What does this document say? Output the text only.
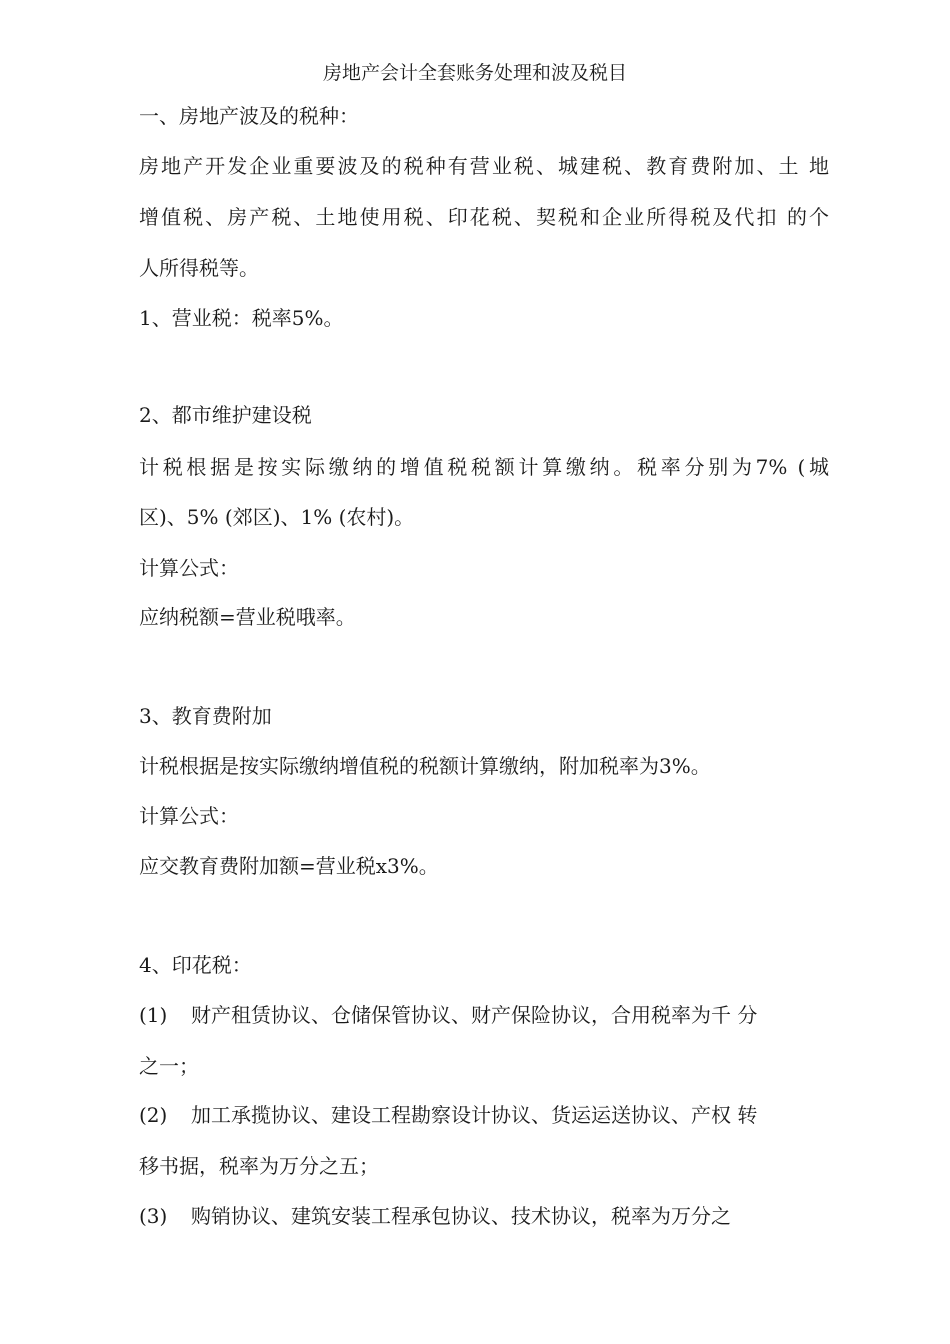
房地产会计全套账务处理和波及税目
一、房地产波及的税种：
房地产开发企业重要波及的税种有营业税、城建税、教育费附加、土 地
增值税、房产税、土地使用税、印花税、契税和企业所得税及代扣 的个
人所得税等。
1、营业税：税率5%。
2、都市维护建设税
计税根据是按实际缴纳的增值税税额计算缴纳。税率分别为7% (城
区)、5% (郊区)、1% (农村)。
计算公式：
应纳税额=营业税哦率。
3、教育费附加
计税根据是按实际缴纳增值税的税额计算缴纳，附加税率为3%。
计算公式：
应交教育费附加额=营业税x3%。
4、印花税：
(1) 财产租赁协议、仓储保管协议、财产保险协议，合用税率为千 分
之一；
(2) 加工承揽协议、建设工程勘察设计协议、货运运送协议、产权 转
移书据，税率为万分之五；
(3) 购销协议、建筑安装工程承包协议、技术协议，税率为万分之
